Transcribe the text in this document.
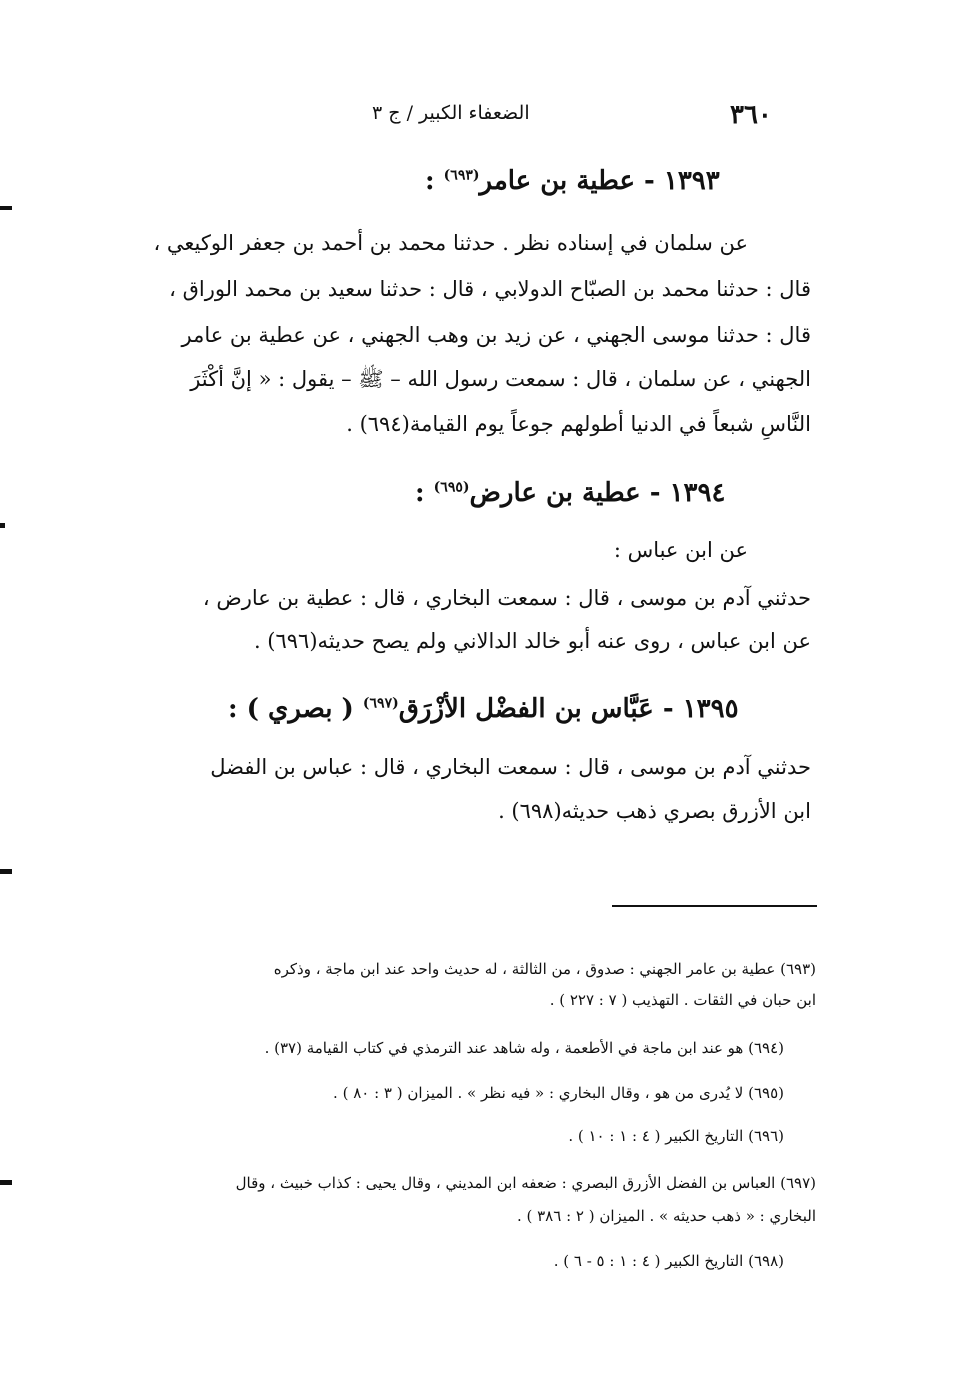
٣٦٠
الضعفاء الكبير / ج ٣
١٣٩٣ - عطية بن عامر$^{(٦٩٣)}$ :
عن سلمان في إسناده نظر . حدثنا محمد بن أحمد بن جعفر الوكيعي ،
قال : حدثنا محمد بن الصبّاح الدولابي ، قال : حدثنا سعيد بن محمد الوراق ،
قال : حدثنا موسى الجهني ، عن زيد بن وهب الجهني ، عن عطية بن عامر
الجهني ، عن سلمان ، قال : سمعت رسول الله – ﷺ – يقول : « إنَّ أكْثَرَ
النَّاسِ شبعاً في الدنيا أطولهم جوعاً يوم القيامة(٦٩٤) .
١٣٩٤ - عطية بن عارض$^{(٦٩٥)}$ :
عن ابن عباس :
حدثني آدم بن موسى ، قال : سمعت البخاري ، قال : عطية بن عارض ،
عن ابن عباس ، روى عنه أبو خالد الدالاني ولم يصح حديثه(٦٩٦) .
١٣٩٥ - عَبَّاس بن الفضْل الأزْرَق$^{(٦٩٧)}$ ( بصري ) :
حدثني آدم بن موسى ، قال : سمعت البخاري ، قال : عباس بن الفضل
ابن الأزرق بصري ذهب حديثه(٦٩٨) .
(٦٩٣) عطية بن عامر الجهني : صدوق ، من الثالثة ، له حديث واحد عند ابن ماجة ، وذكره
ابن حبان في الثقات . التهذيب ( ٧ : ٢٢٧ ) .
(٦٩٤) هو عند ابن ماجة في الأطعمة ، وله شاهد عند الترمذي في كتاب القيامة (٣٧) .
(٦٩٥) لا يُدرى من هو ، وقال البخاري : « فيه نظر » . الميزان ( ٣ : ٨٠ ) .
(٦٩٦) التاريخ الكبير ( ٤ : ١ : ١٠ ) .
(٦٩٧) العباس بن الفضل الأزرق البصري : ضعفه ابن المديني ، وقال يحيى : كذاب خبيث ، وقال
البخاري : « ذهب حديثه » . الميزان ( ٢ : ٣٨٦ ) .
(٦٩٨) التاريخ الكبير ( ٤ : ١ : ٥ - ٦ ) .
